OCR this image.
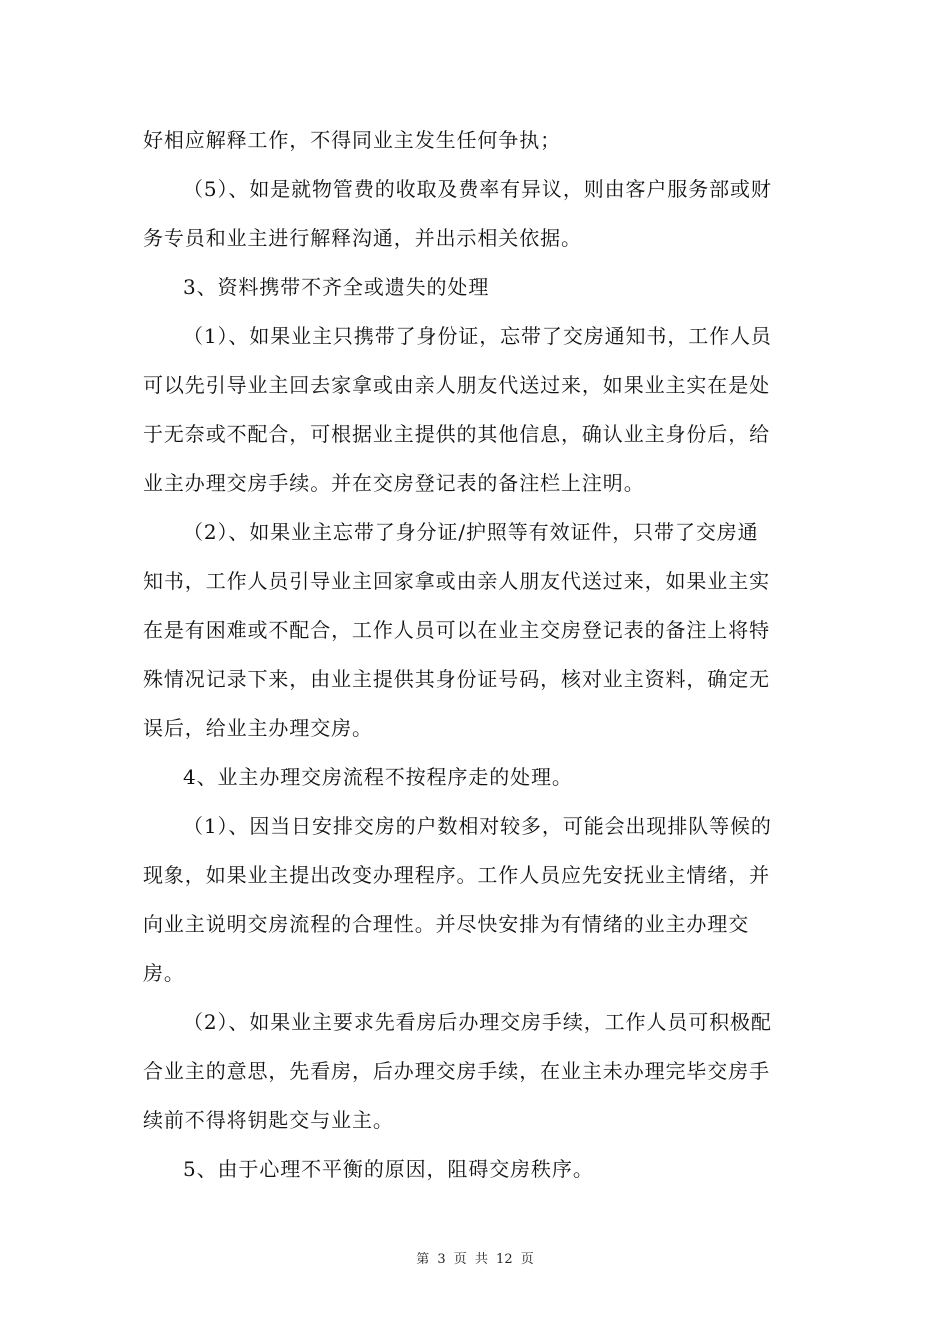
好相应解释工作，不得同业主发生任何争执；
（5）、如是就物管费的收取及费率有异议，则由客户服务部或财
务专员和业主进行解释沟通，并出示相关依据。
3、资料携带不齐全或遗失的处理
（1）、如果业主只携带了身份证，忘带了交房通知书，工作人员
可以先引导业主回去家拿或由亲人朋友代送过来，如果业主实在是处
于无奈或不配合，可根据业主提供的其他信息，确认业主身份后，给
业主办理交房手续。并在交房登记表的备注栏上注明。
（2）、如果业主忘带了身分证/护照等有效证件，只带了交房通
知书，工作人员引导业主回家拿或由亲人朋友代送过来，如果业主实
在是有困难或不配合，工作人员可以在业主交房登记表的备注上将特
殊情况记录下来，由业主提供其身份证号码，核对业主资料，确定无
误后，给业主办理交房。
4、业主办理交房流程不按程序走的处理。
（1）、因当日安排交房的户数相对较多，可能会出现排队等候的
现象，如果业主提出改变办理程序。工作人员应先安抚业主情绪，并
向业主说明交房流程的合理性。并尽快安排为有情绪的业主办理交
房。
（2）、如果业主要求先看房后办理交房手续，工作人员可积极配
合业主的意思，先看房，后办理交房手续，在业主未办理完毕交房手
续前不得将钥匙交与业主。
5、由于心理不平衡的原因，阻碍交房秩序。
第 3 页 共 12 页
